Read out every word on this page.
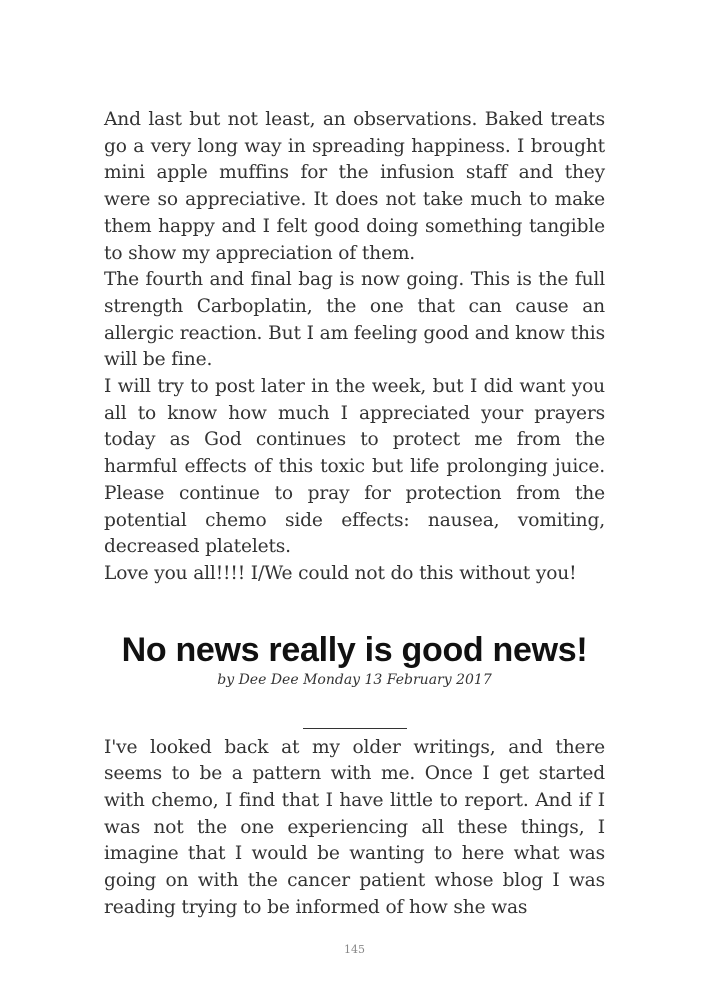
And last but not least, an observations. Baked treats go a very long way in spreading happiness. I brought mini apple muffins for the infusion staff and they were so appreciative. It does not take much to make them happy and I felt good doing something tangible to show my appreciation of them.

The fourth and final bag is now going. This is the full strength Carboplatin, the one that can cause an allergic reaction. But I am feeling good and know this will be fine.

I will try to post later in the week, but I did want you all to know how much I appreciated your prayers today as God continues to protect me from the harmful effects of this toxic but life prolonging juice. Please continue to pray for protection from the potential chemo side effects: nausea, vomiting, decreased platelets.

Love you all!!!! I/We could not do this without you!

No news really is good news!

by Dee Dee Monday 13 February 2017

I've looked back at my older writings, and there seems to be a pattern with me. Once I get started with chemo, I find that I have little to report. And if I was not the one experiencing all these things, I imagine that I would be wanting to here what was going on with the cancer patient whose blog I was reading trying to be informed of how she was

145
